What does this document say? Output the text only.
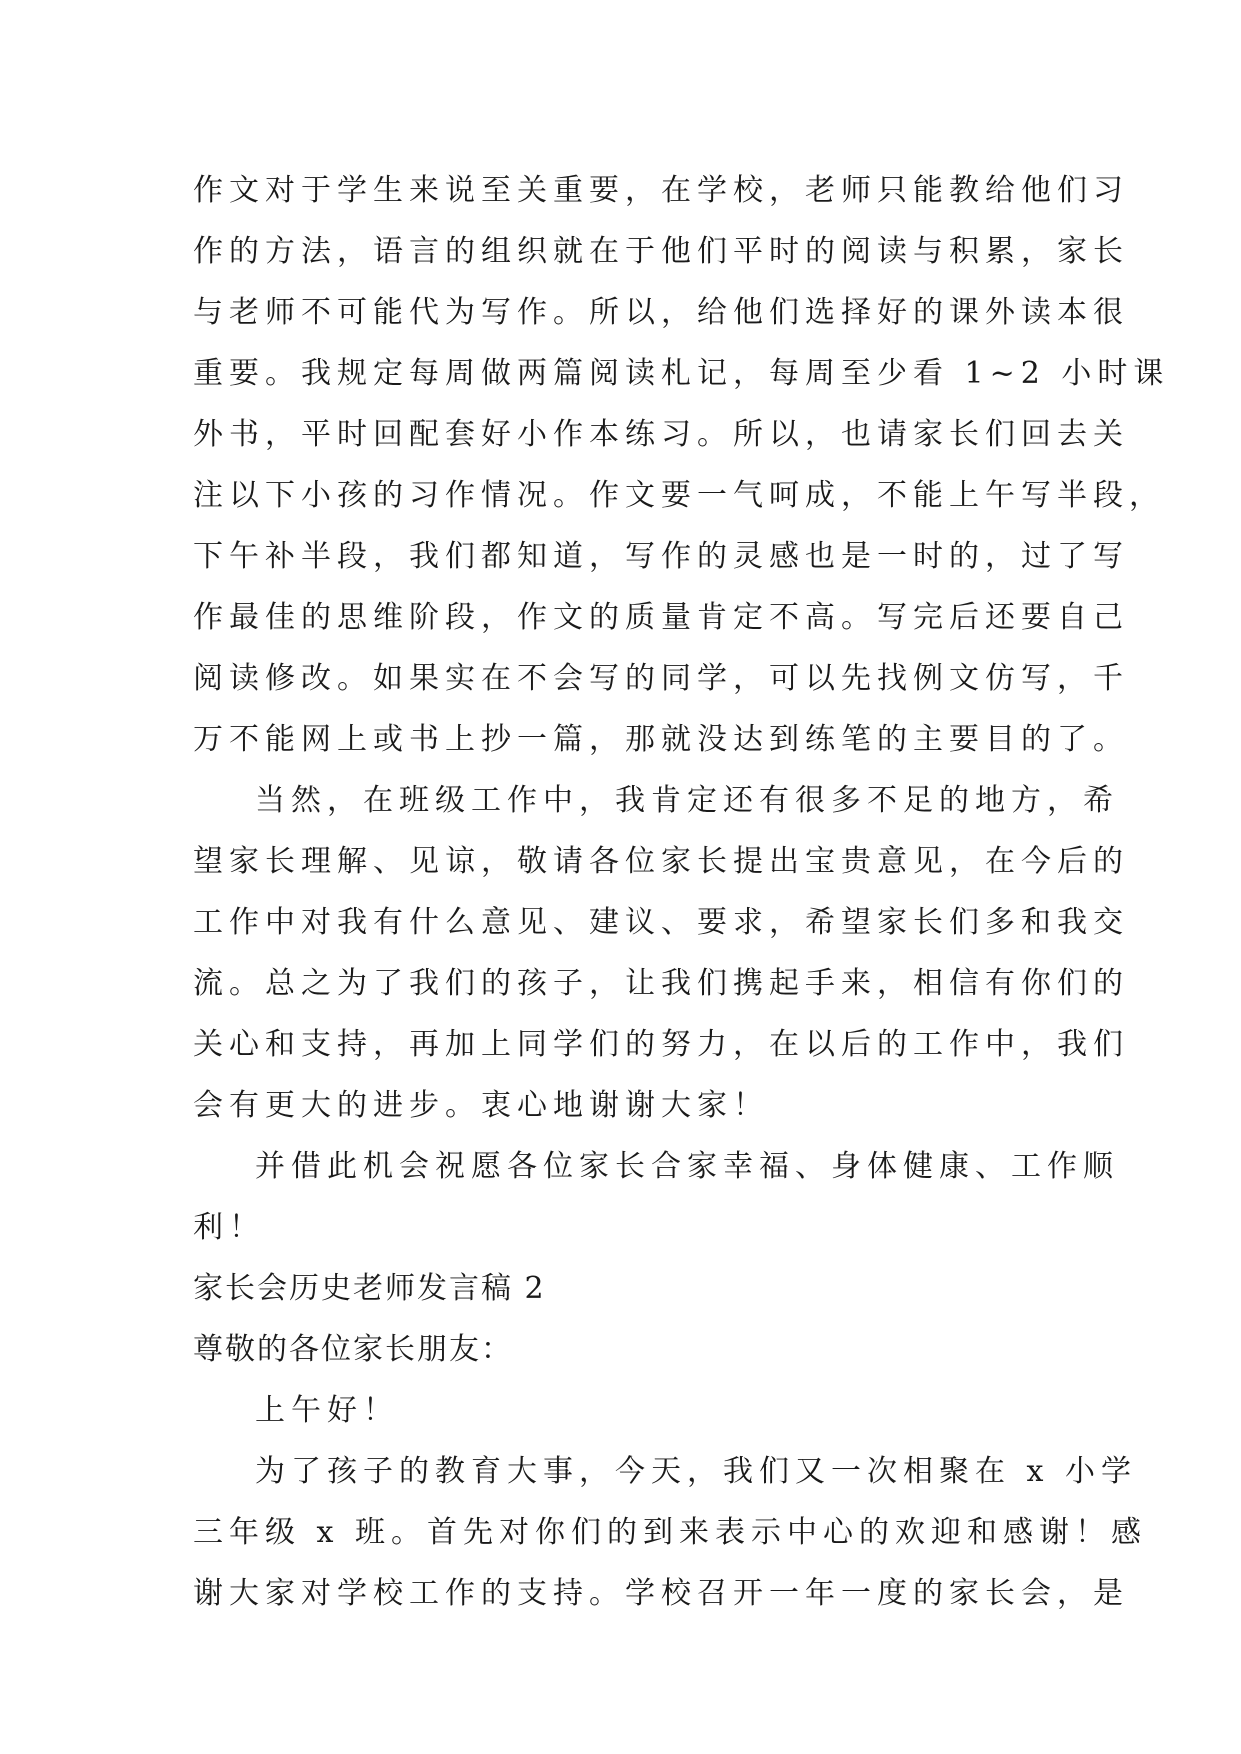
作文对于学生来说至关重要，在学校，老师只能教给他们习
作的方法，语言的组织就在于他们平时的阅读与积累，家长
与老师不可能代为写作。所以，给他们选择好的课外读本很
重要。我规定每周做两篇阅读札记，每周至少看 1~2 小时课
外书，平时回配套好小作本练习。所以，也请家长们回去关
注以下小孩的习作情况。作文要一气呵成，不能上午写半段，
下午补半段，我们都知道，写作的灵感也是一时的，过了写
作最佳的思维阶段，作文的质量肯定不高。写完后还要自己
阅读修改。如果实在不会写的同学，可以先找例文仿写，千
万不能网上或书上抄一篇，那就没达到练笔的主要目的了。
当然，在班级工作中，我肯定还有很多不足的地方，希
望家长理解、见谅，敬请各位家长提出宝贵意见，在今后的
工作中对我有什么意见、建议、要求，希望家长们多和我交
流。总之为了我们的孩子，让我们携起手来，相信有你们的
关心和支持，再加上同学们的努力，在以后的工作中，我们
会有更大的进步。衷心地谢谢大家！
并借此机会祝愿各位家长合家幸福、身体健康、工作顺
利！
家长会历史老师发言稿 2
尊敬的各位家长朋友：
上午好！
为了孩子的教育大事，今天，我们又一次相聚在 x 小学
三年级 x 班。首先对你们的到来表示中心的欢迎和感谢！感
谢大家对学校工作的支持。学校召开一年一度的家长会，是
